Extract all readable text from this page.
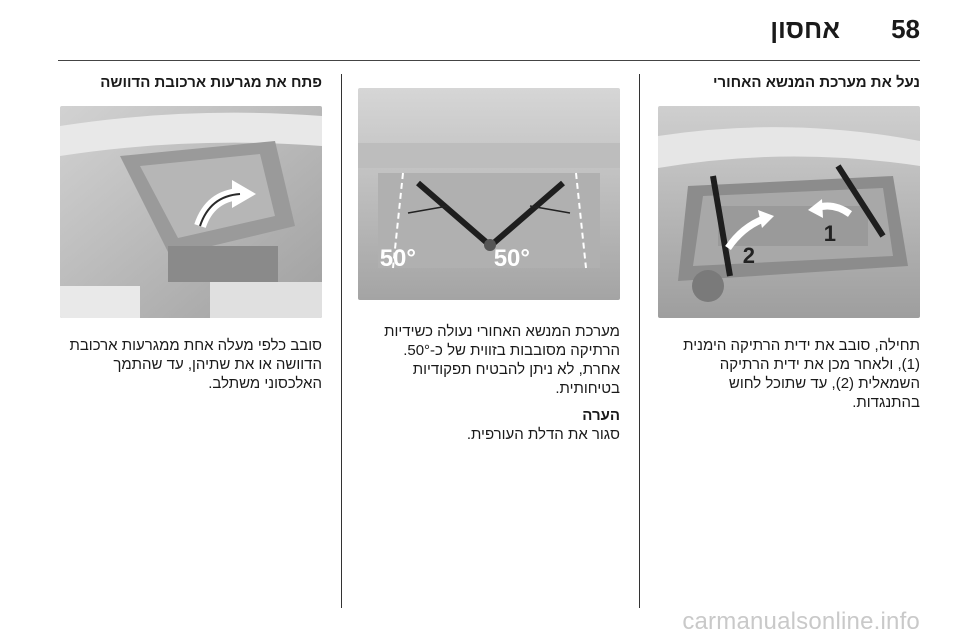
58
אחסון
נעל את מערכת המנשא האחורי
2
1

תחילה, סובב את ידית הרתיקה הימנית (1), ולאחר מכן את ידית הרתיקה השמאלית (2), עד שתוכל לחוש בהתנגדות.

50°	50°

מערכת המנשא האחורי נעולה כשידיות הרתיקה מסובבות בזווית של כ-50°. אחרת, לא ניתן להבטיח תפקודיות בטיחותית.

הערה

סגור את הדלת העורפית.

פתח את מגרעות ארכובת הדוושה

סובב כלפי מעלה אחת ממגרעות ארכובת הדוושה או את שתיהן, עד שהתמך האלכסוני משתלב.

carmanualsonline.info
